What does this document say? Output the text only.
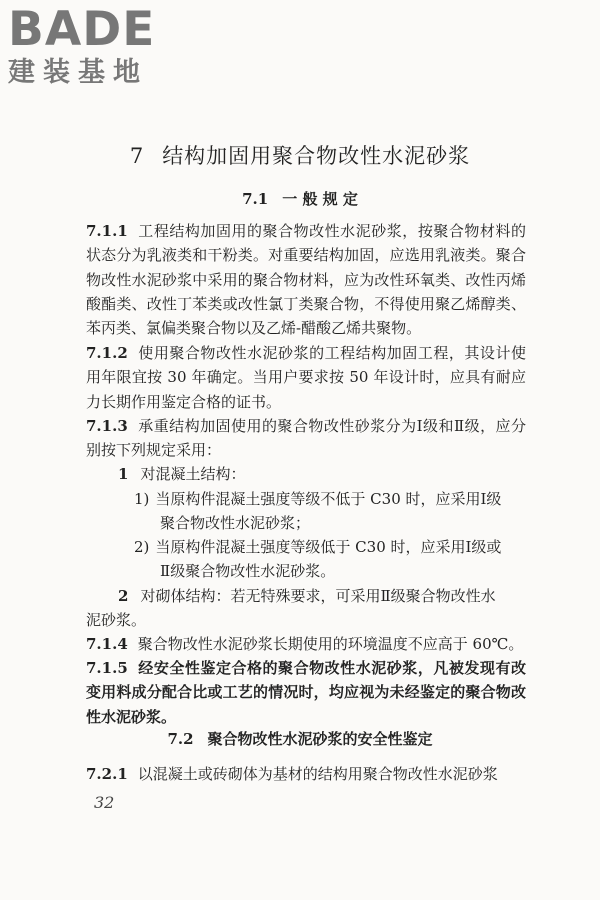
BADE
建装基地
7 结构加固用聚合物改性水泥砂浆
7.1 一 般 规 定
7.1.1 工程结构加固用的聚合物改性水泥砂浆，按聚合物材料的状态分为乳液类和干粉类。对重要结构加固，应选用乳液类。聚合物改性水泥砂浆中采用的聚合物材料，应为改性环氧类、改性丙烯酸酯类、改性丁苯类或改性氯丁类聚合物，不得使用聚乙烯醇类、苯丙类、氯偏类聚合物以及乙烯-醋酸乙烯共聚物。
7.1.2 使用聚合物改性水泥砂浆的工程结构加固工程，其设计使用年限宜按 30 年确定。当用户要求按 50 年设计时，应具有耐应力长期作用鉴定合格的证书。
7.1.3 承重结构加固使用的聚合物改性砂浆分为Ⅰ级和Ⅱ级，应分别按下列规定采用：
1 对混凝土结构：
1) 当原构件混凝土强度等级不低于 C30 时，应采用Ⅰ级
聚合物改性水泥砂浆；
2) 当原构件混凝土强度等级低于 C30 时，应采用Ⅰ级或
Ⅱ级聚合物改性水泥砂浆。
2 对砌体结构：若无特殊要求，可采用Ⅱ级聚合物改性水
泥砂浆。
7.1.4 聚合物改性水泥砂浆长期使用的环境温度不应高于 60℃。
7.1.5 经安全性鉴定合格的聚合物改性水泥砂浆，凡被发现有改变用料成分配合比或工艺的情况时，均应视为未经鉴定的聚合物改性水泥砂浆。
7.2 聚合物改性水泥砂浆的安全性鉴定
7.2.1 以混凝土或砖砌体为基材的结构用聚合物改性水泥砂浆
32
